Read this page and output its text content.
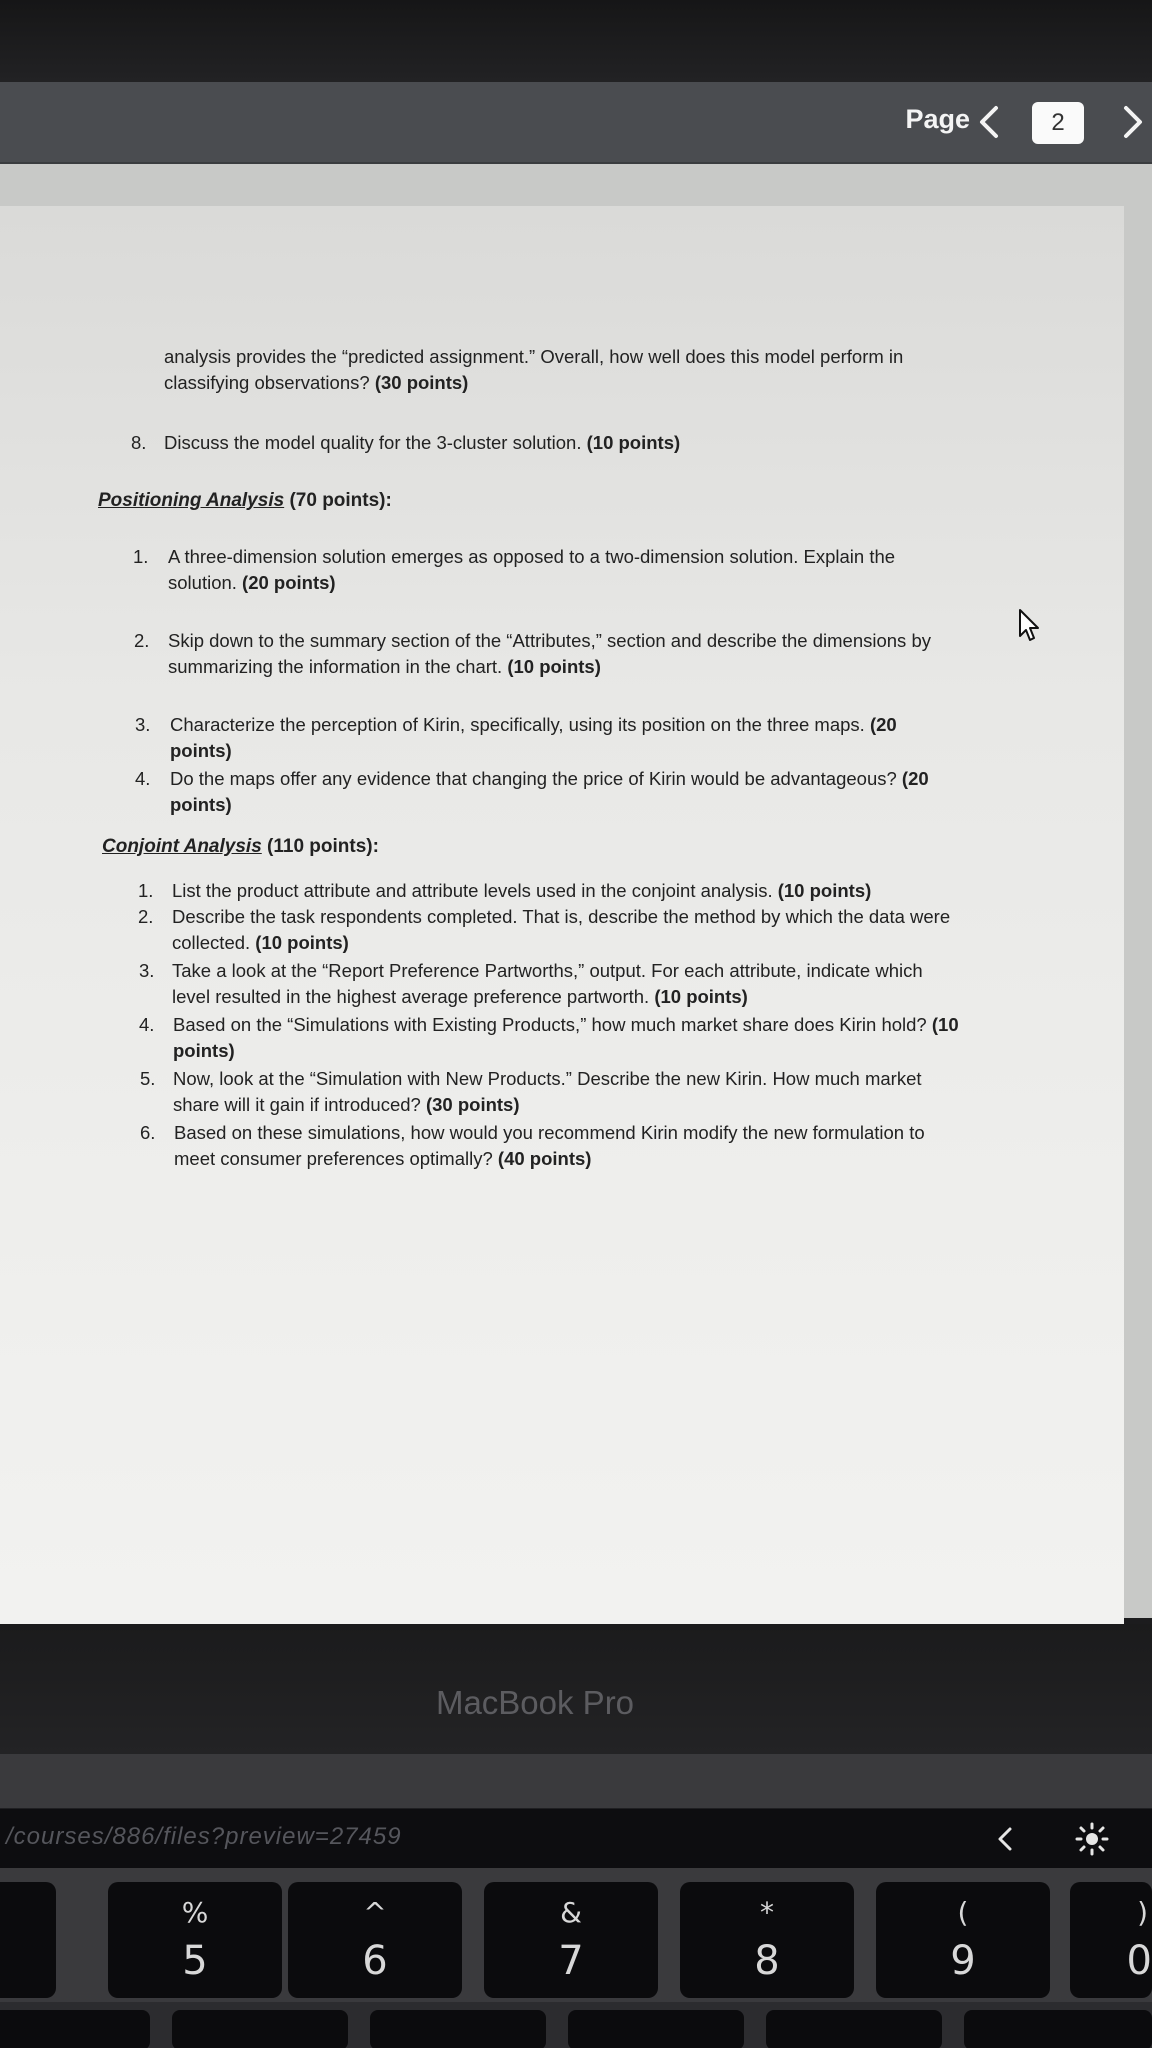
Page
2
analysis provides the “predicted assignment.” Overall, how well does this model perform in
classifying observations? (30 points)
8. Discuss the model quality for the 3-cluster solution. (10 points)
Positioning Analysis (70 points):
1. A three-dimension solution emerges as opposed to a two-dimension solution. Explain the
solution. (20 points)
2. Skip down to the summary section of the “Attributes,” section and describe the dimensions by
summarizing the information in the chart. (10 points)
3. Characterize the perception of Kirin, specifically, using its position on the three maps. (20
points)
4. Do the maps offer any evidence that changing the price of Kirin would be advantageous? (20
points)
Conjoint Analysis (110 points):
1. List the product attribute and attribute levels used in the conjoint analysis. (10 points)
2. Describe the task respondents completed. That is, describe the method by which the data were
collected. (10 points)
3. Take a look at the “Report Preference Partworths,” output. For each attribute, indicate which
level resulted in the highest average preference partworth. (10 points)
4. Based on the “Simulations with Existing Products,” how much market share does Kirin hold? (10
points)
5. Now, look at the “Simulation with New Products.” Describe the new Kirin. How much market
share will it gain if introduced? (30 points)
6. Based on these simulations, how would you recommend Kirin modify the new formulation to
meet consumer preferences optimally? (40 points)
MacBook Pro
/courses/886/files?preview=27459
%
5
^
6
&
7
*
8
(
9
)
0
